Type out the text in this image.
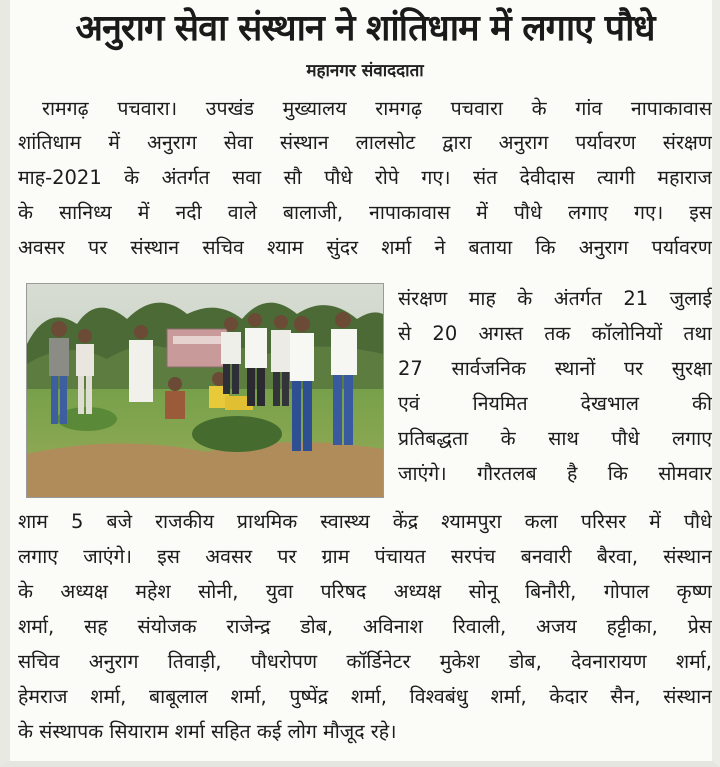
अनुराग सेवा संस्थान ने शांतिधाम में लगाए पौधे
महानगर संवाददाता
रामगढ़ पचवारा। उपखंड मुख्यालय रामगढ़ पचवारा के गांव नापाकावास
शांतिधाम में अनुराग सेवा संस्थान लालसोट द्वारा अनुराग पर्यावरण संरक्षण
माह-2021 के अंतर्गत सवा सौ पौधे रोपे गए। संत देवीदास त्यागी महाराज
के सानिध्य में नदी वाले बालाजी, नापाकावास में पौधे लगाए गए। इस
अवसर पर संस्थान सचिव श्याम सुंदर शर्मा ने बताया कि अनुराग पर्यावरण
संरक्षण माह के अंतर्गत 21 जुलाई
से 20 अगस्त तक कॉलोनियों तथा
27 सार्वजनिक स्थानों पर सुरक्षा
एवं नियमित देखभाल की
प्रतिबद्धता के साथ पौधे लगाए
जाएंगे। गौरतलब है कि सोमवार
शाम 5 बजे राजकीय प्राथमिक स्वास्थ्य केंद्र श्यामपुरा कला परिसर में पौधे
लगाए जाएंगे। इस अवसर पर ग्राम पंचायत सरपंच बनवारी बैरवा, संस्थान
के अध्यक्ष महेश सोनी, युवा परिषद अध्यक्ष सोनू बिनौरी, गोपाल कृष्ण
शर्मा, सह संयोजक राजेन्द्र डोब, अविनाश रिवाली, अजय हट्टीका, प्रेस
सचिव अनुराग तिवाड़ी, पौधरोपण कॉर्डिनेटर मुकेश डोब, देवनारायण शर्मा,
हेमराज शर्मा, बाबूलाल शर्मा, पुष्पेंद्र शर्मा, विश्वबंधु शर्मा, केदार सैन, संस्थान
के संस्थापक सियाराम शर्मा सहित कई लोग मौजूद रहे।
